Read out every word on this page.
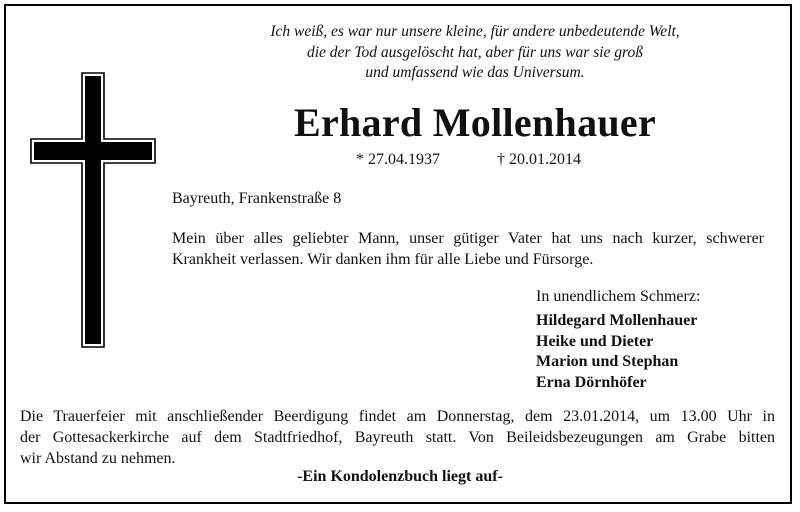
Ich weiß, es war nur unsere kleine, für andere unbedeutende Welt,
die der Tod ausgelöscht hat, aber für uns war sie groß
und umfassend wie das Universum.
Erhard Mollenhauer
* 27.04.1937	† 20.01.2014
Bayreuth, Frankenstraße 8
Mein über alles geliebter Mann, unser gütiger Vater hat uns nach kurzer, schwerer
Krankheit verlassen. Wir danken ihm für alle Liebe und Fürsorge.
In unendlichem Schmerz:
Hildegard Mollenhauer
Heike und Dieter
Marion und Stephan
Erna Dörnhöfer
Die Trauerfeier mit anschließender Beerdigung findet am Donnerstag, dem 23.01.2014, um 13.00 Uhr in
der Gottesackerkirche auf dem Stadtfriedhof, Bayreuth statt. Von Beileidsbezeugungen am Grabe bitten
wir Abstand zu nehmen.
-Ein Kondolenzbuch liegt auf-
